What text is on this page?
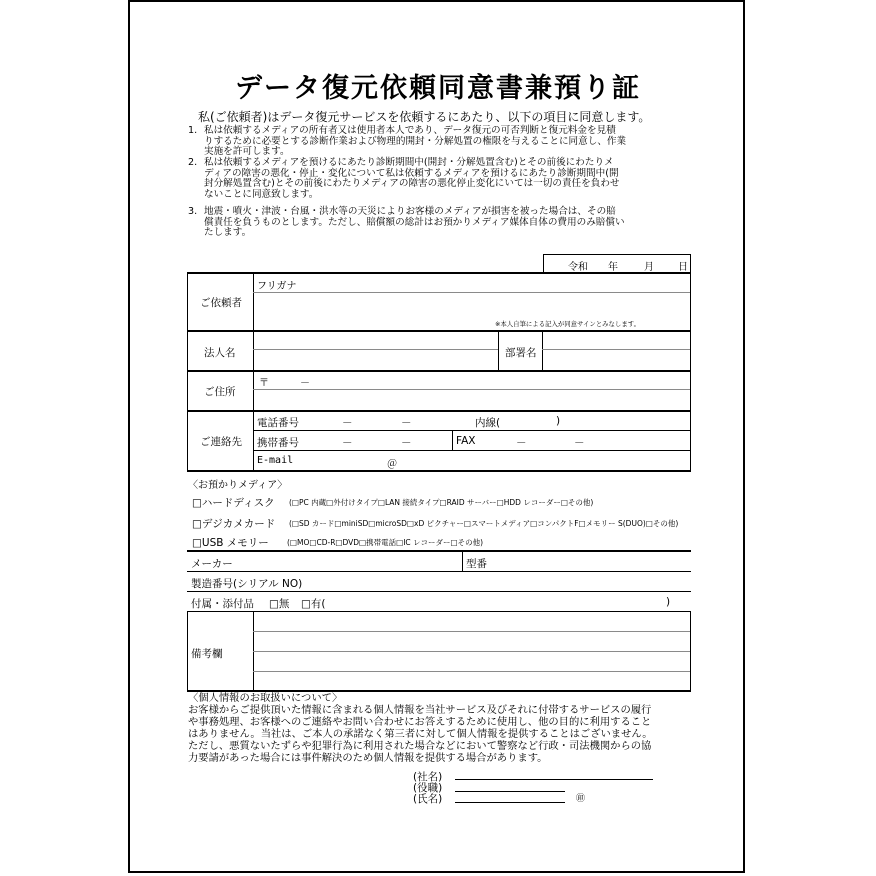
データ復元依頼同意書兼預り証
私(ご依頼者)はデータ復元サービスを依頼するにあたり、以下の項目に同意します。
1. 私は依頼するメディアの所有者又は使用者本人であり、データ復元の可否判断と復元料金を見積
りするために必要とする診断作業および物理的開封・分解処置の権限を与えることに同意し、作業
実施を許可します。
2. 私は依頼するメディアを預けるにあたり診断期間中(開封・分解処置含む)とその前後にわたりメ
ディアの障害の悪化・停止・変化について私は依頼するメディアを預けるにあたり診断期間中(開
封分解処置含む)とその前後にわたりメディアの障害の悪化停止変化にいては一切の責任を負わせ
ないことに同意致します。
3. 地震・噴火・津波・台風・洪水等の天災によりお客様のメディアが損害を被った場合は、その賠
償責任を負うものとします。ただし、賠償額の総計はお預かりメディア媒体自体の費用のみ賠償い
たします。
令和 年	月 日
ご依頼者
フリガナ
※本人自筆による記入が同意サインとみなします。
法人名	部署名
ご住所
〒	－
ご連絡先
電話番号	－	－	内線(	)
携帯番号	－	－	FAX	－	－
E-mail	＠
〈お預かりメディア〉
□ハードディスク (□PC 内蔵□外付けタイプ□LAN 接続タイプ□RAID サーバー□HDD レコーダー□その他)
□デジカメカード (□SD カード□miniSD□microSD□xD ピクチャー□スマートメディア□コンパクトF□メモリー S(DUO)□その他)
□USB メモリー (□MO□CD-R□DVD□携帯電話□IC レコーダー□その他)
メーカー	型番
製造番号(シリアル NO)
付属・添付品 □無 □有(	)
備考欄
〈個人情報のお取扱いについて〉
お客様からご提供頂いた情報に含まれる個人情報を当社サービス及びそれに付帯するサービスの履行
や事務処理、お客様へのご連絡やお問い合わせにお答えするために使用し、他の目的に利用すること
はありません。当社は、ご本人の承諾なく第三者に対して個人情報を提供することはございません。
ただし、悪質ないたずらや犯罪行為に利用された場合などにおいて警察など行政・司法機関からの協
力要請があった場合には事件解決のため個人情報を提供する場合があります。
(社名)
(役職)
(氏名)	㊞
